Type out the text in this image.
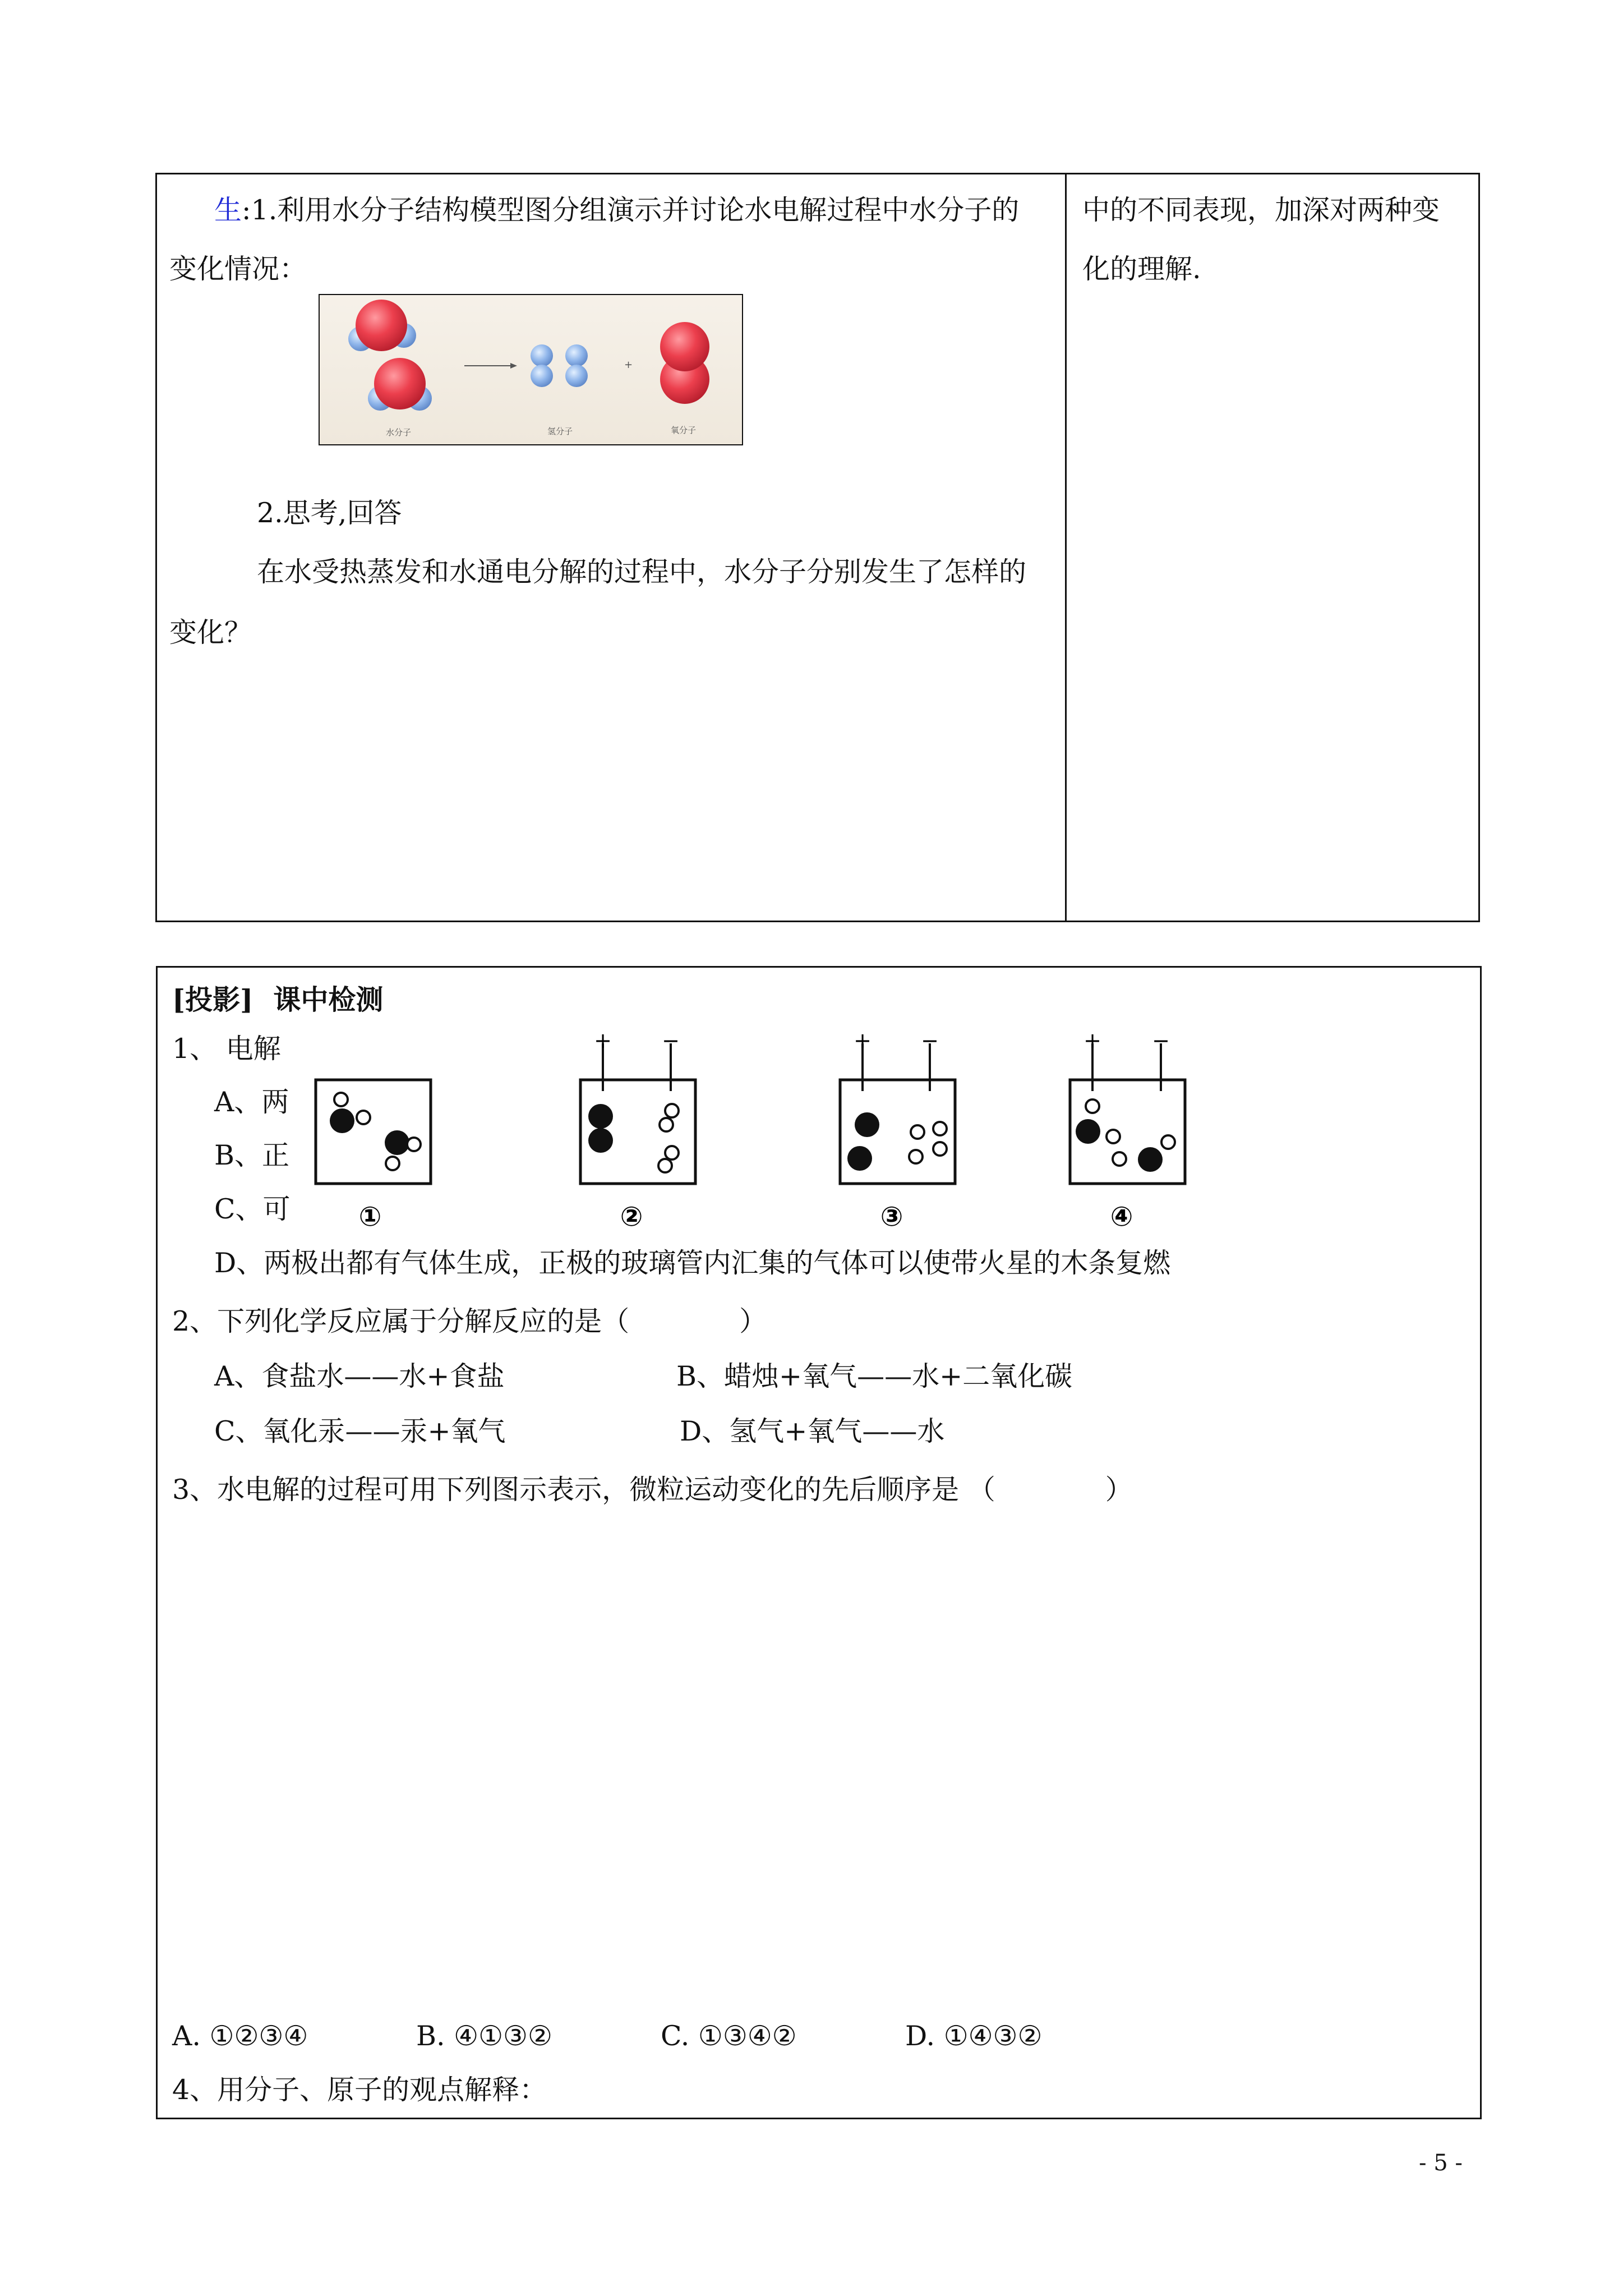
生:1.利用水分子结构模型图分组演示并讨论水电解过程中水分子的
变化情况：
+
水分子	氢分子	氧分子
2.思考,回答
在水受热蒸发和水通电分解的过程中，水分子分别发生了怎样的
变化？
中的不同表现，加深对两种变
化的理解.
[投影] 课中检测
1、 电解
A、两
B、正
C、可
D、两极出都有气体生成，正极的玻璃管内汇集的气体可以使带火星的木条复燃
①
+ −
②
+ −
③
+ −
④
2、下列化学反应属于分解反应的是（　　　　）
A、食盐水——水+食盐	B、蜡烛+氧气——水+二氧化碳
C、氧化汞——汞+氧气	D、氢气+氧气——水
3、水电解的过程可用下列图示表示，微粒运动变化的先后顺序是 （　　　　）
A. ①②③④	B. ④①③②	C. ①③④②	D. ①④③②
4、用分子、原子的观点解释：
- 5 -
